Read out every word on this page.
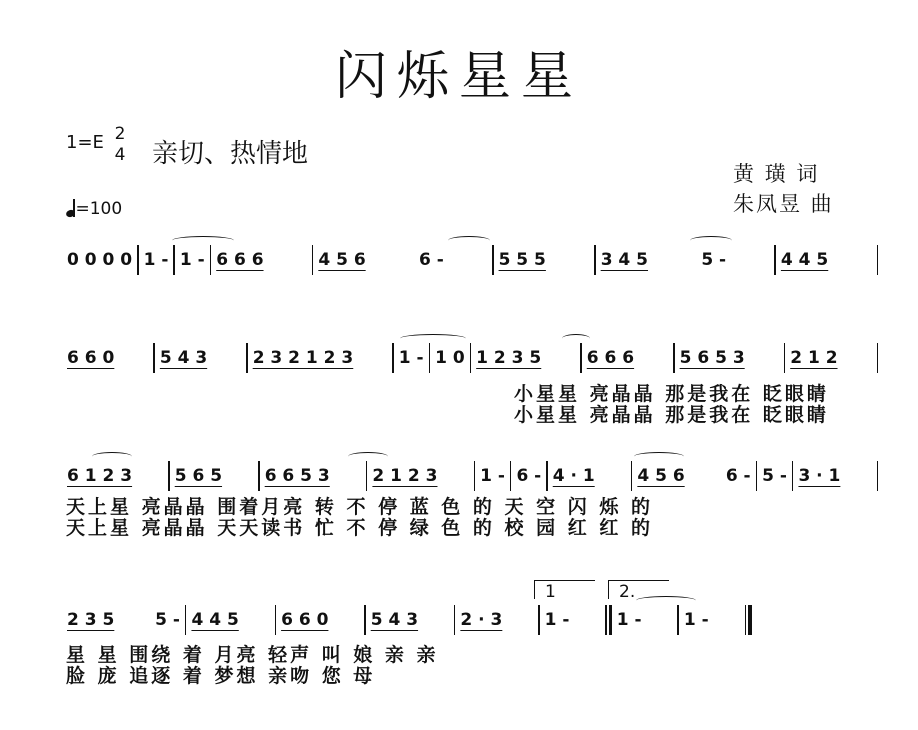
闪烁星星
1=E 2
4 亲切、热情地
黄 璜 词
朱凤昱 曲
=100
0 0 0 0 1 - 1 - 6 6 6	4 5 6	6 -	5 5 5	3 4 5	5 -	4 4 5
6 6 0	5 4 3	2 3 2 1 2 3	1 - 1 0 1 2 3 5	6 6 6	5 6 5 3	2 1 2
小星星 亮晶晶 那是我在 眨眼睛
小星星 亮晶晶 那是我在 眨眼睛
6 1 2 3	5 6 5	6 6 5 3	2 1 2 3	1 - 6 - 4 · 1	4 5 6	6 - 5 - 3 · 1
天上星 亮晶晶 围着月亮 转 不 停 蓝 色 的 天 空 闪 烁 的
天上星 亮晶晶 天天读书 忙 不 停 绿 色 的 校 园 红 红 的
1	2.
2 3 5	5 - 4 4 5	6 6 0	5 4 3	2 · 3	1 -	1 -	1 -
星 星 围绕 着 月亮 轻声 叫 娘 亲 亲
脸 庞 追逐 着 梦想 亲吻 您 母
